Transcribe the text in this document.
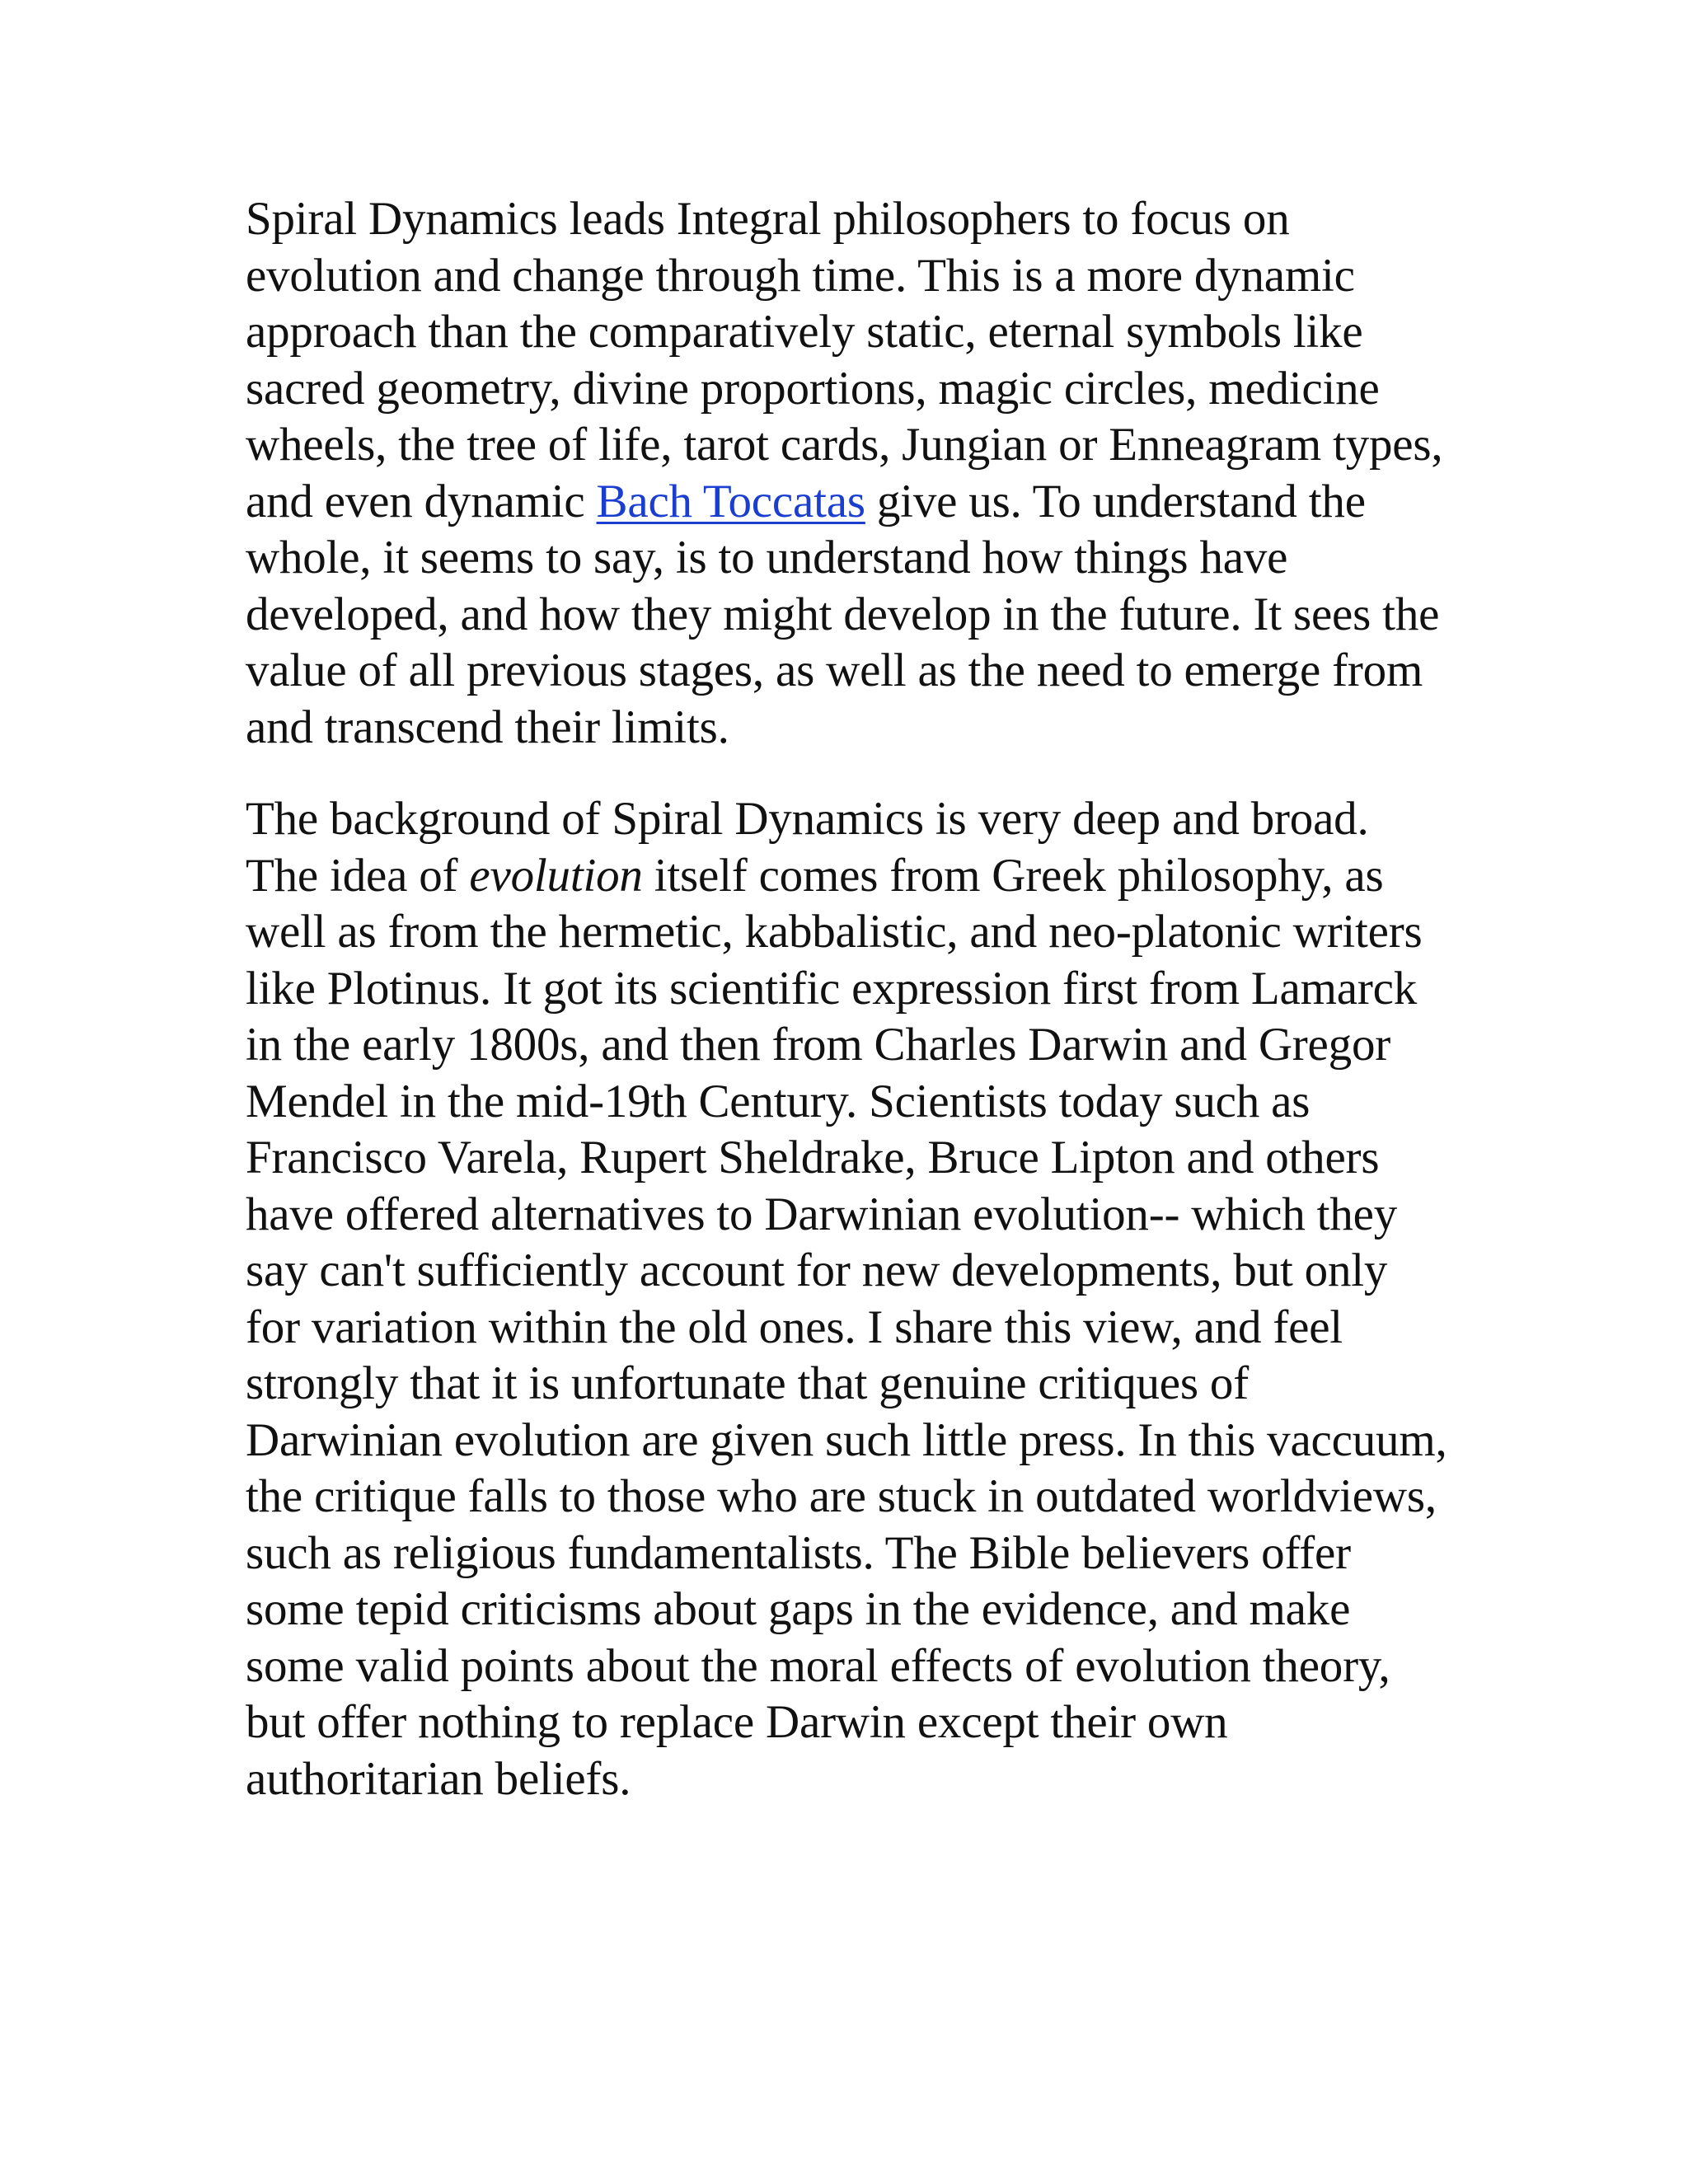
Spiral Dynamics leads Integral philosophers to focus on evolution and change through time. This is a more dynamic approach than the comparatively static, eternal symbols like sacred geometry, divine proportions, magic circles, medicine wheels, the tree of life, tarot cards, Jungian or Enneagram types, and even dynamic Bach Toccatas give us. To understand the whole, it seems to say, is to understand how things have developed, and how they might develop in the future. It sees the value of all previous stages, as well as the need to emerge from and transcend their limits.

The background of Spiral Dynamics is very deep and broad. The idea of evolution itself comes from Greek philosophy, as well as from the hermetic, kabbalistic, and neo-platonic writers like Plotinus. It got its scientific expression first from Lamarck in the early 1800s, and then from Charles Darwin and Gregor Mendel in the mid-19th Century. Scientists today such as Francisco Varela, Rupert Sheldrake, Bruce Lipton and others have offered alternatives to Darwinian evolution-- which they say can't sufficiently account for new developments, but only for variation within the old ones. I share this view, and feel strongly that it is unfortunate that genuine critiques of Darwinian evolution are given such little press. In this vaccuum, the critique falls to those who are stuck in outdated worldviews, such as religious fundamentalists. The Bible believers offer some tepid criticisms about gaps in the evidence, and make some valid points about the moral effects of evolution theory, but offer nothing to replace Darwin except their own authoritarian beliefs.
